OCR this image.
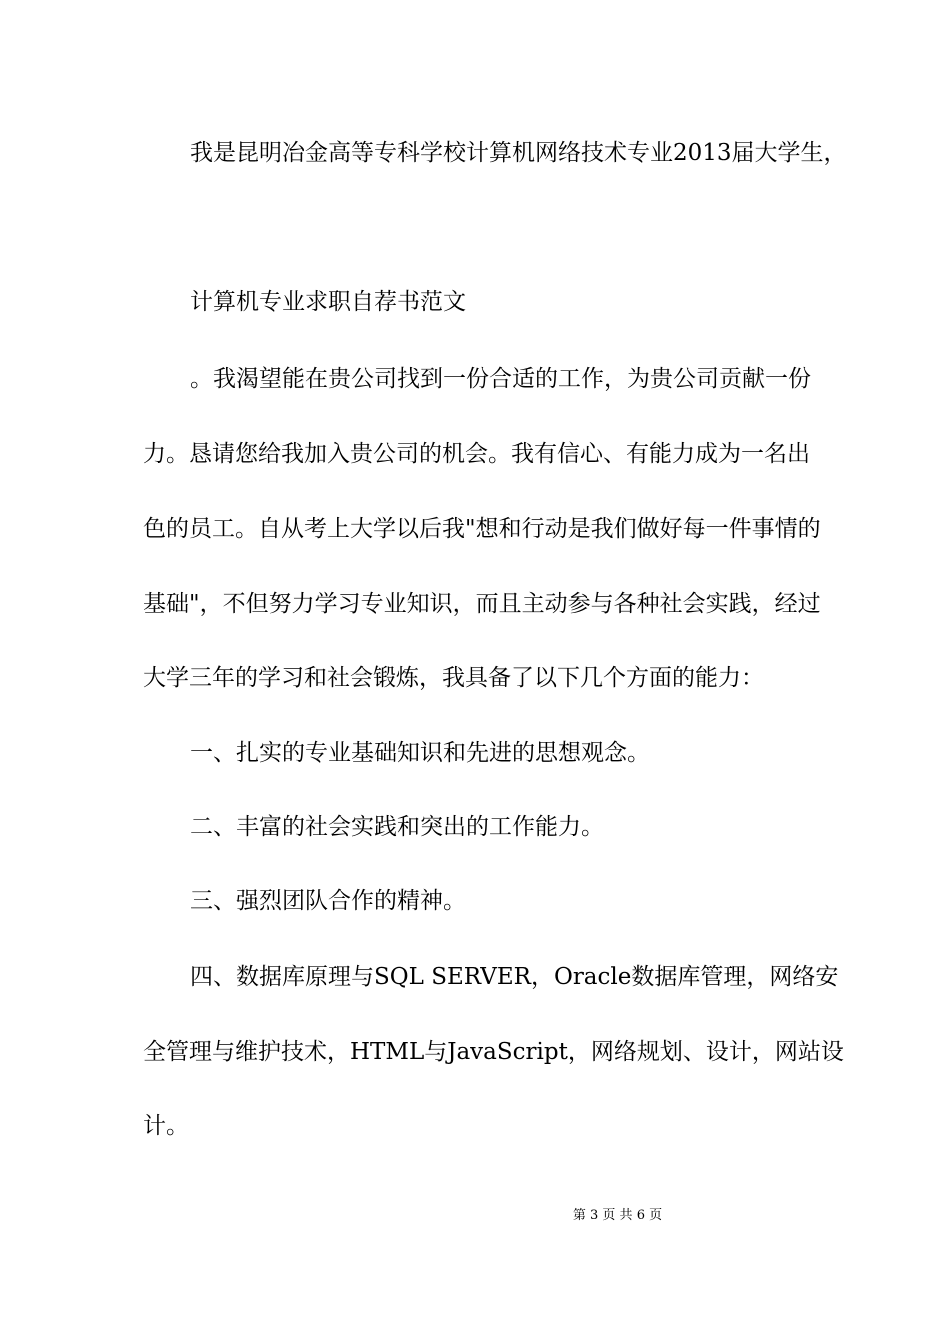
我是昆明冶金高等专科学校计算机网络技术专业2013届大学生，
计算机专业求职自荐书范文
。我渴望能在贵公司找到一份合适的工作，为贵公司贡献一份
力。恳请您给我加入贵公司的机会。我有信心、有能力成为一名出
色的员工。自从考上大学以后我"想和行动是我们做好每一件事情的
基础"，不但努力学习专业知识，而且主动参与各种社会实践，经过
大学三年的学习和社会锻炼，我具备了以下几个方面的能力：
一、扎实的专业基础知识和先进的思想观念。
二、丰富的社会实践和突出的工作能力。
三、强烈团队合作的精神。
四、数据库原理与SQL SERVER，Oracle数据库管理，网络安
全管理与维护技术，HTML与JavaScript，网络规划、设计，网站设
计。
第 3 页 共 6 页
